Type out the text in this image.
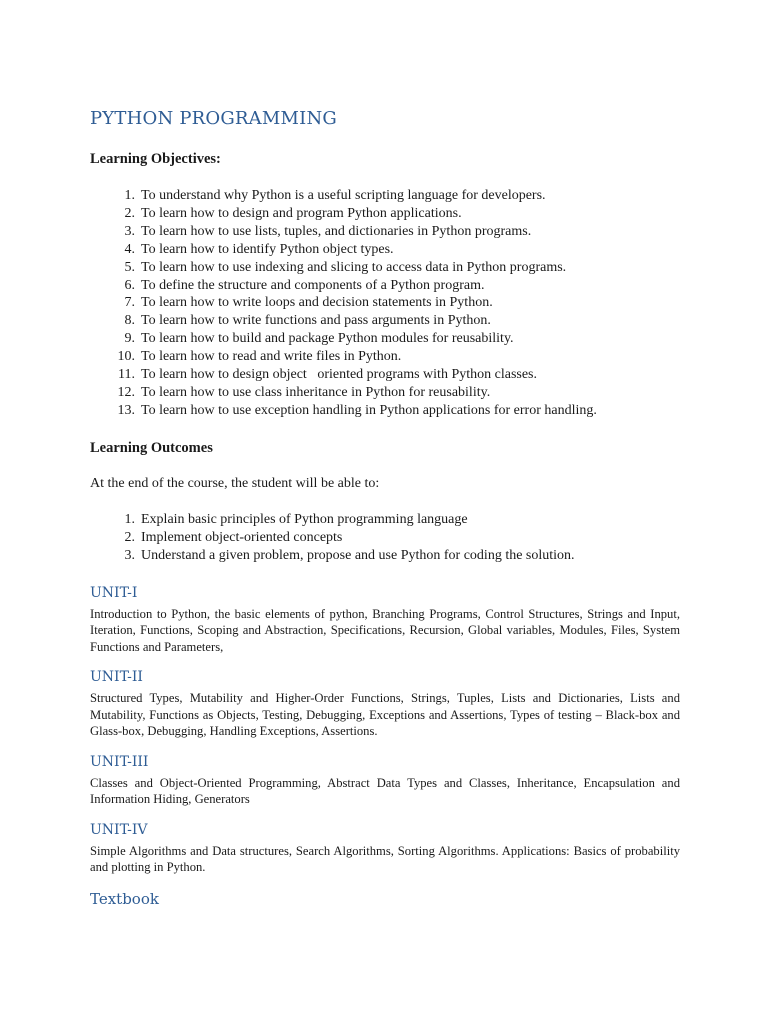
PYTHON PROGRAMMING
Learning Objectives:
1. To understand why Python is a useful scripting language for developers.
2. To learn how to design and program Python applications.
3. To learn how to use lists, tuples, and dictionaries in Python programs.
4. To learn how to identify Python object types.
5. To learn how to use indexing and slicing to access data in Python programs.
6. To define the structure and components of a Python program.
7. To learn how to write loops and decision statements in Python.
8. To learn how to write functions and pass arguments in Python.
9. To learn how to build and package Python modules for reusability.
10. To learn how to read and write files in Python.
11. To learn how to design object   oriented programs with Python classes.
12. To learn how to use class inheritance in Python for reusability.
13. To learn how to use exception handling in Python applications for error handling.
Learning Outcomes
At the end of the course, the student will be able to:
1. Explain basic principles of Python programming language
2. Implement object-oriented concepts
3. Understand a given problem, propose and use Python for coding the solution.
UNIT-I
Introduction to Python, the basic elements of python, Branching Programs, Control Structures, Strings and Input, Iteration, Functions, Scoping and Abstraction, Specifications, Recursion, Global variables, Modules, Files, System Functions and Parameters,
UNIT-II
Structured Types, Mutability and Higher-Order Functions, Strings, Tuples, Lists and Dictionaries, Lists and Mutability, Functions as Objects, Testing, Debugging, Exceptions and Assertions, Types of testing – Black-box and Glass-box, Debugging, Handling Exceptions, Assertions.
UNIT-III
Classes and Object-Oriented Programming, Abstract Data Types and Classes, Inheritance, Encapsulation and Information Hiding, Generators
UNIT-IV
Simple Algorithms and Data structures, Search Algorithms, Sorting Algorithms. Applications: Basics of probability and plotting in Python.
Textbook
